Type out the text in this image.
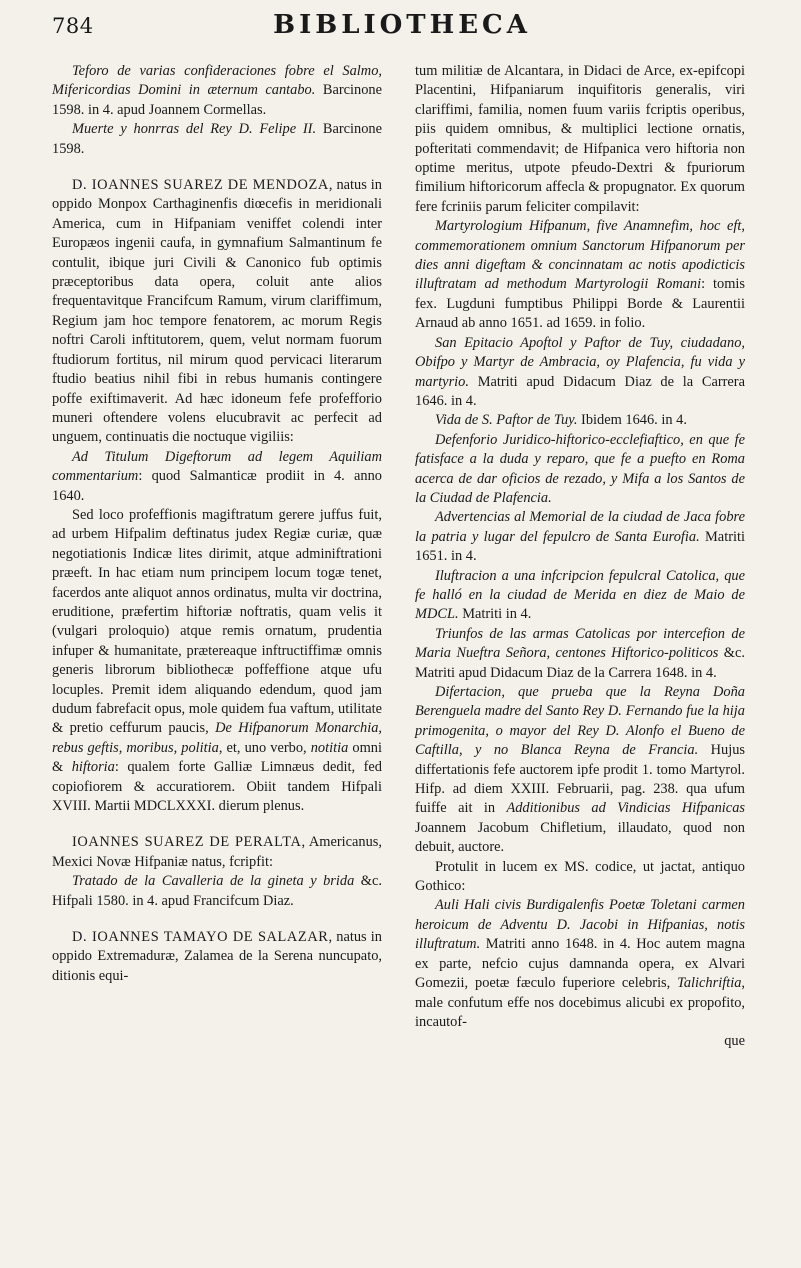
784	BIBLIOTHECA

Teforo de varias confideraciones fobre el Salmo, Mifericordias Domini in æternum cantabo. Barcinone 1598. in 4. apud Joannem Cormellas.

Muerte y honrras del Rey D. Felipe II. Barcinone 1598.

D. IOANNES SUAREZ DE MENDOZA, natus in oppido Monpox Carthaginenfis diœcefis in meridionali America, cum in Hifpaniam veniffet colendi inter Europæos ingenii caufa, in gymnafium Salmantinum fe contulit, ibique juri Civili & Canonico fub optimis præceptoribus data opera, coluit ante alios frequentavitque Francifcum Ramum, virum clariffimum, Regium jam hoc tempore fenatorem, ac morum Regis noftri Caroli inftitutorem, quem, velut normam fuorum ftudiorum fortitus, nil mirum quod pervicaci literarum ftudio beatius nihil fibi in rebus humanis contingere poffe exiftimaverit. Ad hæc idoneum fefe profefforio muneri oftendere volens elucubravit ac perfecit ad unguem, continuatis die noctuque vigiliis:

Ad Titulum Digeftorum ad legem Aquiliam commentarium: quod Salmanticæ prodiit in 4. anno 1640.

Sed loco profeffionis magiftratum gerere juffus fuit, ad urbem Hifpalim deftinatus judex Regiæ curiæ, quæ negotiationis Indicæ lites dirimit, atque adminiftrationi præeft. In hac etiam num principem locum togæ tenet, facerdos ante aliquot annos ordinatus, multa vir doctrina, eruditione, præfertim hiftoriæ noftratis, quam velis it (vulgari proloquio) atque remis ornatum, prudentia infuper & humanitate, prætereaque inftructiffimæ omnis generis librorum bibliothecæ poffeffione atque ufu locuples. Premit idem aliquando edendum, quod jam dudum fabrefacit opus, mole quidem fua vaftum, utilitate & pretio ceffurum paucis, De Hifpanorum Monarchia, rebus geftis, moribus, politia, et, uno verbo, notitia omni & hiftoria: qualem forte Galliæ Limnæus dedit, fed copiofiorem & accuratiorem. Obiit tandem Hifpali XVIII. Martii MDCLXXXI. dierum plenus.

IOANNES SUAREZ DE PERALTA, Americanus, Mexici Novæ Hifpaniæ natus, fcripfit:

Tratado de la Cavalleria de la gineta y brida &c. Hifpali 1580. in 4. apud Francifcum Diaz.

D. IOANNES TAMAYO DE SALAZAR, natus in oppido Extremaduræ, Zalamea de la Serena nuncupato, ditionis equi-

tum militiæ de Alcantara, in Didaci de Arce, ex-epifcopi Placentini, Hifpaniarum inquifitoris generalis, viri clariffimi, familia, nomen fuum variis fcriptis operibus, piis quidem omnibus, & multiplici lectione ornatis, pofteritati commendavit; de Hifpanica vero hiftoria non optime meritus, utpote pfeudo-Dextri & fpuriorum fimilium hiftoricorum affecla & propugnator. Ex quorum fere fcriniis parum feliciter compilavit:

Martyrologium Hifpanum, five Anamnefim, hoc eft, commemorationem omnium Sanctorum Hifpanorum per dies anni digeftam & concinnatam ac notis apodicticis illuftratam ad methodum Martyrologii Romani: tomis fex. Lugduni fumptibus Philippi Borde & Laurentii Arnaud ab anno 1651. ad 1659. in folio.

San Epitacio Apoftol y Paftor de Tuy, ciudadano, Obifpo y Martyr de Ambracia, oy Plafencia, fu vida y martyrio. Matriti apud Didacum Diaz de la Carrera 1646. in 4.

Vida de S. Paftor de Tuy. Ibidem 1646. in 4.

Defenforio Juridico-hiftorico-ecclefiaftico, en que fe fatisface a la duda y reparo, que fe a puefto en Roma acerca de dar oficios de rezado, y Mifa a los Santos de la Ciudad de Plafencia.

Advertencias al Memorial de la ciudad de Jaca fobre la patria y lugar del fepulcro de Santa Eurofia. Matriti 1651. in 4.

Iluftracion a una infcripcion fepulcral Catolica, que fe halló en la ciudad de Merida en diez de Maio de MDCL. Matriti in 4.

Triunfos de las armas Catolicas por intercefion de Maria Nueftra Señora, centones Hiftorico-politicos &c. Matriti apud Didacum Diaz de la Carrera 1648. in 4.

Difertacion, que prueba que la Reyna Doña Berenguela madre del Santo Rey D. Fernando fue la hija primogenita, o mayor del Rey D. Alonfo el Bueno de Caftilla, y no Blanca Reyna de Francia. Hujus differtationis fefe auctorem ipfe prodit 1. tomo Martyrol. Hifp. ad diem XXIII. Februarii, pag. 238. qua ufum fuiffe ait in Additionibus ad Vindicias Hifpanicas Joannem Jacobum Chifletium, illaudato, quod non debuit, auctore.

Protulit in lucem ex MS. codice, ut jactat, antiquo Gothico:

Auli Hali civis Burdigalenfis Poetæ Toletani carmen heroicum de Adventu D. Jacobi in Hifpanias, notis illuftratum. Matriti anno 1648. in 4. Hoc autem magna ex parte, nefcio cujus damnanda opera, ex Alvari Gomezii, poetæ fæculo fuperiore celebris, Talichriftia, male confutum effe nos docebimus alicubi ex propofito, incautof-

que
